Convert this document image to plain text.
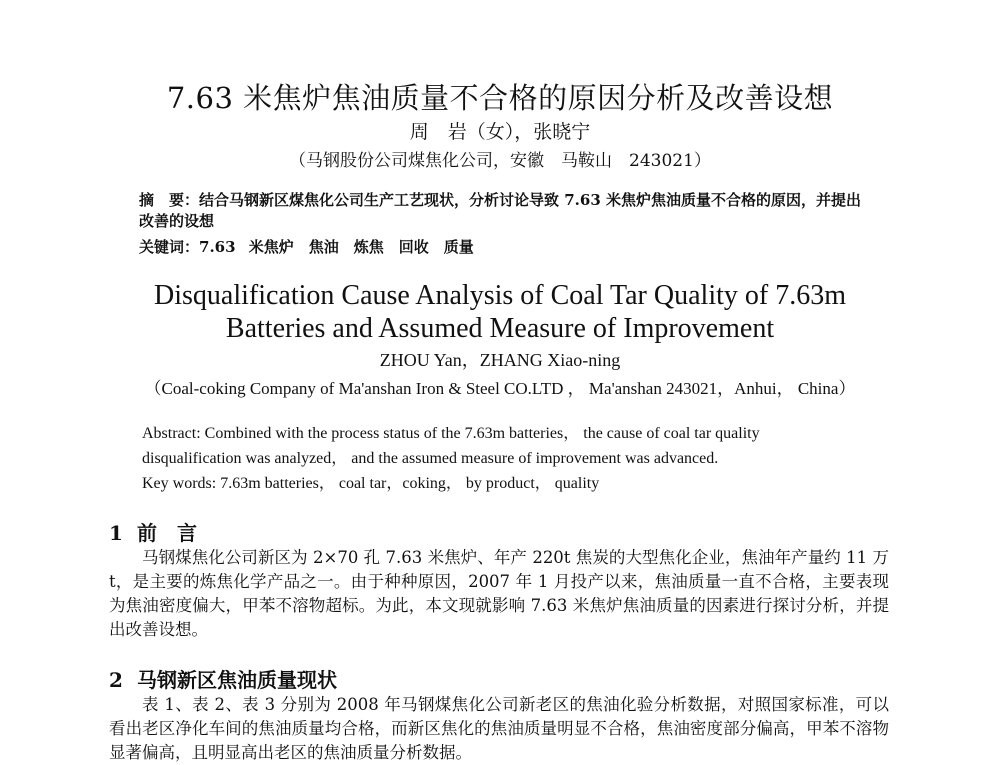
7.63 米焦炉焦油质量不合格的原因分析及改善设想
周　岩（女），张晓宁
（马钢股份公司煤焦化公司，安徽　马鞍山　243021）
摘　要：结合马钢新区煤焦化公司生产工艺现状，分析讨论导致 7.63 米焦炉焦油质量不合格的原因，并提出改善的设想
关键词：7.63 米焦炉　焦油　炼焦　回收　质量
Disqualification Cause Analysis of Coal Tar Quality of 7.63m
Batteries and Assumed Measure of Improvement
ZHOU Yan，ZHANG Xiao-ning
（Coal-coking Company of Ma'anshan Iron & Steel CO.LTD ， Ma'anshan 243021，Anhui， China）
Abstract: Combined with the process status of the 7.63m batteries， the cause of coal tar quality disqualification was analyzed， and the assumed measure of improvement was advanced.
Key words: 7.63m batteries， coal tar，coking， by product， quality
1 前　言
马钢煤焦化公司新区为 2×70 孔 7.63 米焦炉、年产 220t 焦炭的大型焦化企业，焦油年产量约 11 万 t，是主要的炼焦化学产品之一。由于种种原因，2007 年 1 月投产以来，焦油质量一直不合格，主要表现为焦油密度偏大，甲苯不溶物超标。为此，本文现就影响 7.63 米焦炉焦油质量的因素进行探讨分析，并提出改善设想。
2 马钢新区焦油质量现状
表 1、表 2、表 3 分别为 2008 年马钢煤焦化公司新老区的焦油化验分析数据，对照国家标准，可以看出老区净化车间的焦油质量均合格，而新区焦化的焦油质量明显不合格，焦油密度部分偏高，甲苯不溶物显著偏高，且明显高出老区的焦油质量分析数据。
